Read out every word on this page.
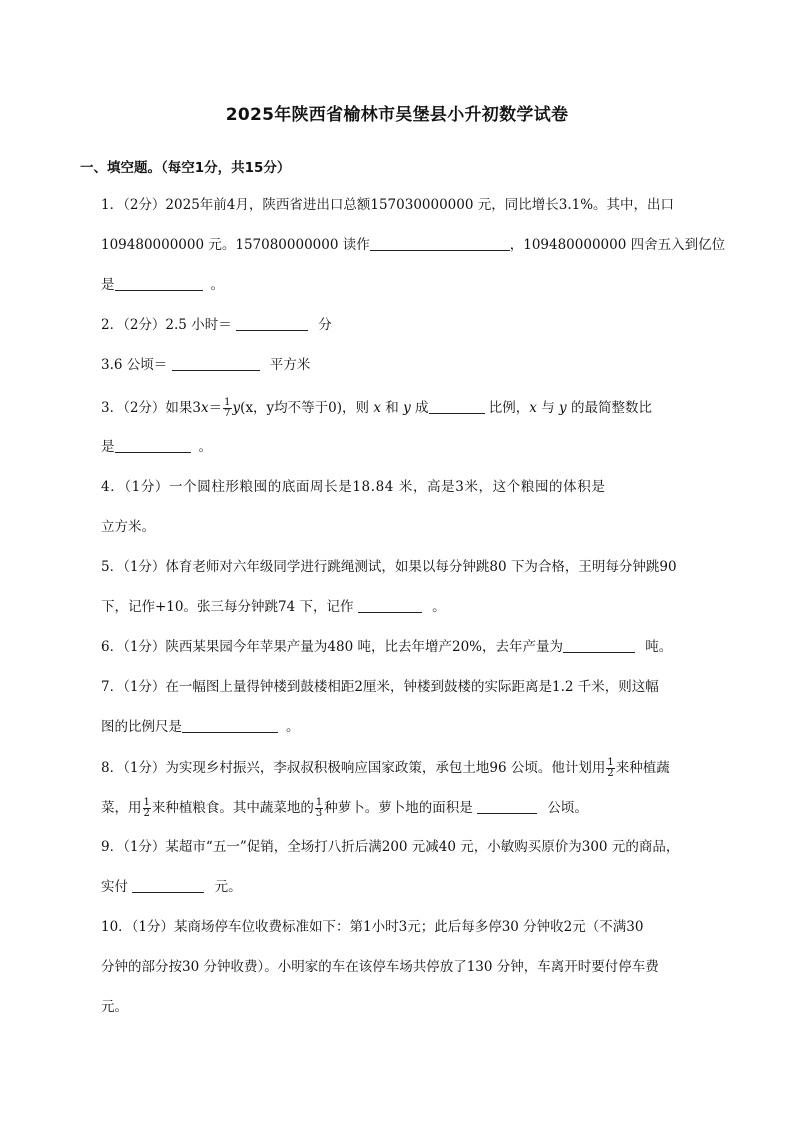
2025年陕西省榆林市吴堡县小升初数学试卷
一、填空题。（每空1分，共15分）
1．（2分）2025年前4月，陕西省进出口总额157030000000 元，同比增长3.1%。其中，出口
109480000000 元。157080000000 读作	，109480000000 四舍五入到亿位
是	。
2．（2分）2.5 小时＝	分
3.6 公顷＝	平方米
3．（2分）如果$3x= \frac{1}{7} y(x$，y均不等于0)，则 x 和 y 成	比例，x 与 y 的最简整数比
是	。
4．（1分）一个圆柱形粮囤的底面周长是18.84 米，高是3米，这个粮囤的体积是
立方米。
5．（1分）体育老师对六年级同学进行跳绳测试，如果以每分钟跳80 下为合格，王明每分钟跳90
下，记作+10。张三每分钟跳74 下，记作	。
6．（1分）陕西某果园今年苹果产量为480 吨，比去年增产20%，去年产量为	吨。
7．（1分）在一幅图上量得钟楼到鼓楼相距2厘米，钟楼到鼓楼的实际距离是1.2 千米，则这幅
图的比例尺是	。
8．（1分）为实现乡村振兴，李叔叔积极响应国家政策，承包土地96 公顷。他计划用 $\frac{1}{2}$ 来种植蔬
菜，用 $\frac{1}{2}$ 来种植粮食。其中蔬菜地的 $\frac{1}{3}$ 种萝卜。萝卜地的面积是	公顷。
9．（1分）某超市“五一”促销，全场打八折后满200 元减40 元，小敏购买原价为300 元的商品，
实付	元。
10．（1分）某商场停车位收费标准如下：第1小时3元；此后每多停30 分钟收2元（不满30
分钟的部分按30 分钟收费）。小明家的车在该停车场共停放了130 分钟，车离开时要付停车费
元。
